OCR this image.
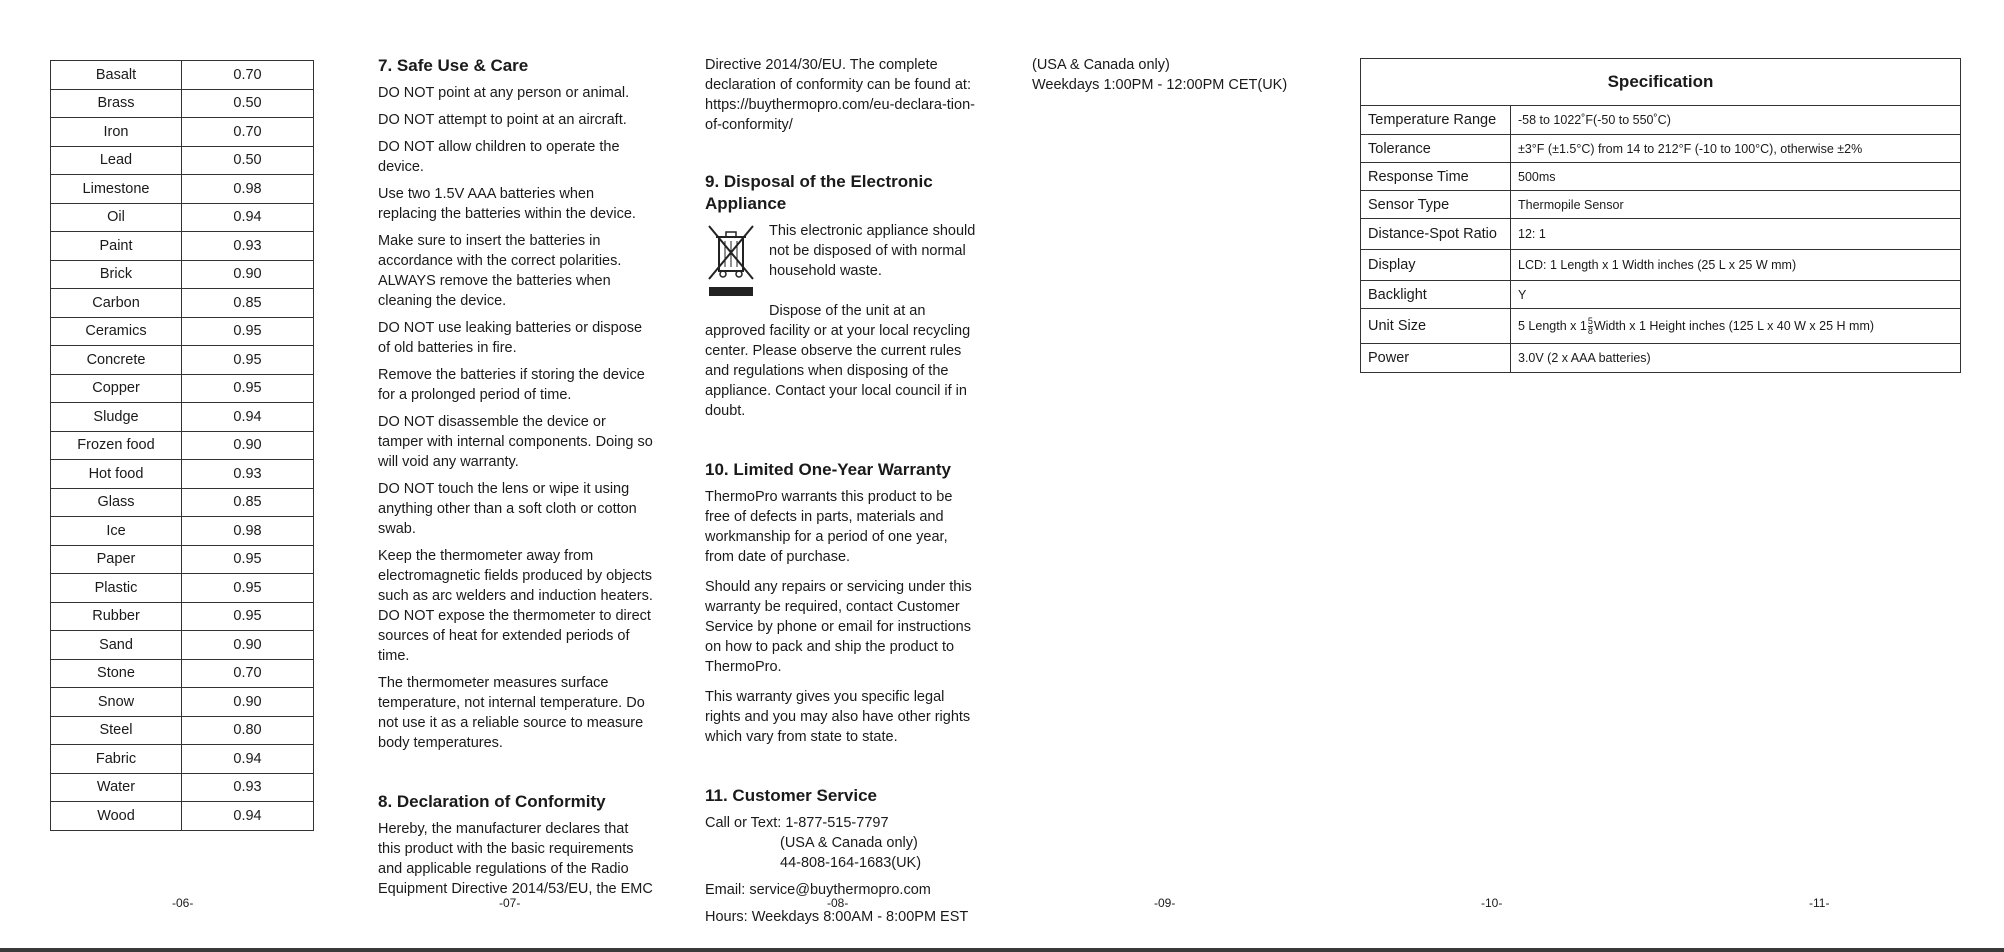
Basalt	0.70
Brass	0.50
Iron	0.70
Lead	0.50
Limestone	0.98
Oil	0.94
Paint	0.93
Brick	0.90
Carbon	0.85
Ceramics	0.95
Concrete	0.95
Copper	0.95
Sludge	0.94
Frozen food	0.90
Hot food	0.93
Glass	0.85
Ice	0.98
Paper	0.95
Plastic	0.95
Rubber	0.95
Sand	0.90
Stone	0.70
Snow	0.90
Steel	0.80
Fabric	0.94
Water	0.93
Wood	0.94
7. Safe Use & Care

DO NOT point at any person or animal.

DO NOT attempt to point at an aircraft.

DO NOT allow children to operate the device.

Use two 1.5V AAA batteries when replacing the batteries within the device.

Make sure to insert the batteries in accordance with the correct polarities. ALWAYS remove the batteries when cleaning the device.

DO NOT use leaking batteries or dispose of old batteries in fire.

Remove the batteries if storing the device for a prolonged period of time.

DO NOT disassemble the device or tamper with internal components. Doing so will void any warranty.

DO NOT touch the lens or wipe it using anything other than a soft cloth or cotton swab.

Keep the thermometer away from electromagnetic fields produced by objects such as arc welders and induction heaters. DO NOT expose the thermometer to direct sources of heat for extended periods of time.

The thermometer measures surface temperature, not internal temperature. Do not use it as a reliable source to measure body temperatures.

8. Declaration of Conformity

Hereby, the manufacturer declares that this product with the basic requirements and applicable regulations of the Radio Equipment Directive 2014/53/EU, the EMC

Directive 2014/30/EU. The complete declaration of conformity can be found at: https://buythermopro.com/eu-declara-tion-of-conformity/

9. Disposal of the Electronic Appliance

This electronic appliance should not be disposed of with normal household waste.

Dispose of the unit at an approved facility or at your local recycling center. Please observe the current rules and regulations when disposing of the appliance. Contact your local council if in doubt.

10. Limited One-Year Warranty

ThermoPro warrants this product to be free of defects in parts, materials and workmanship for a period of one year, from date of purchase.

Should any repairs or servicing under this warranty be required, contact Customer Service by phone or email for instructions on how to pack and ship the product to ThermoPro.

This warranty gives you specific legal rights and you may also have other rights which vary from state to state.

11. Customer Service

Call or Text: 1-877-515-7797

(USA & Canada only)

44-808-164-1683(UK)

Email: service@buythermopro.com

Hours: Weekdays 8:00AM - 8:00PM EST

(USA & Canada only)

Weekdays 1:00PM - 12:00PM CET(UK)	Specification	
Temperature Range	-58 to 1022˚F(-50 to 550˚C)
Tolerance	±3°F (±1.5°C) from 14 to 212°F (-10 to 100°C), otherwise ±2%
Response Time	500ms
Sensor Type	Thermopile Sensor
Distance-Spot Ratio	12: 1
Display	LCD: 1 Length x 1 Width inches (25 L x 25 W mm)
Backlight	Y
Unit Size	5 Length x $1 \frac{5}{8}$ Width x 1 Height inches (125 L x 40 W x 25 H mm)
Power	3.0V (2 x AAA batteries)
-06-	-07-	-08-	-09-	-10-	-11-
